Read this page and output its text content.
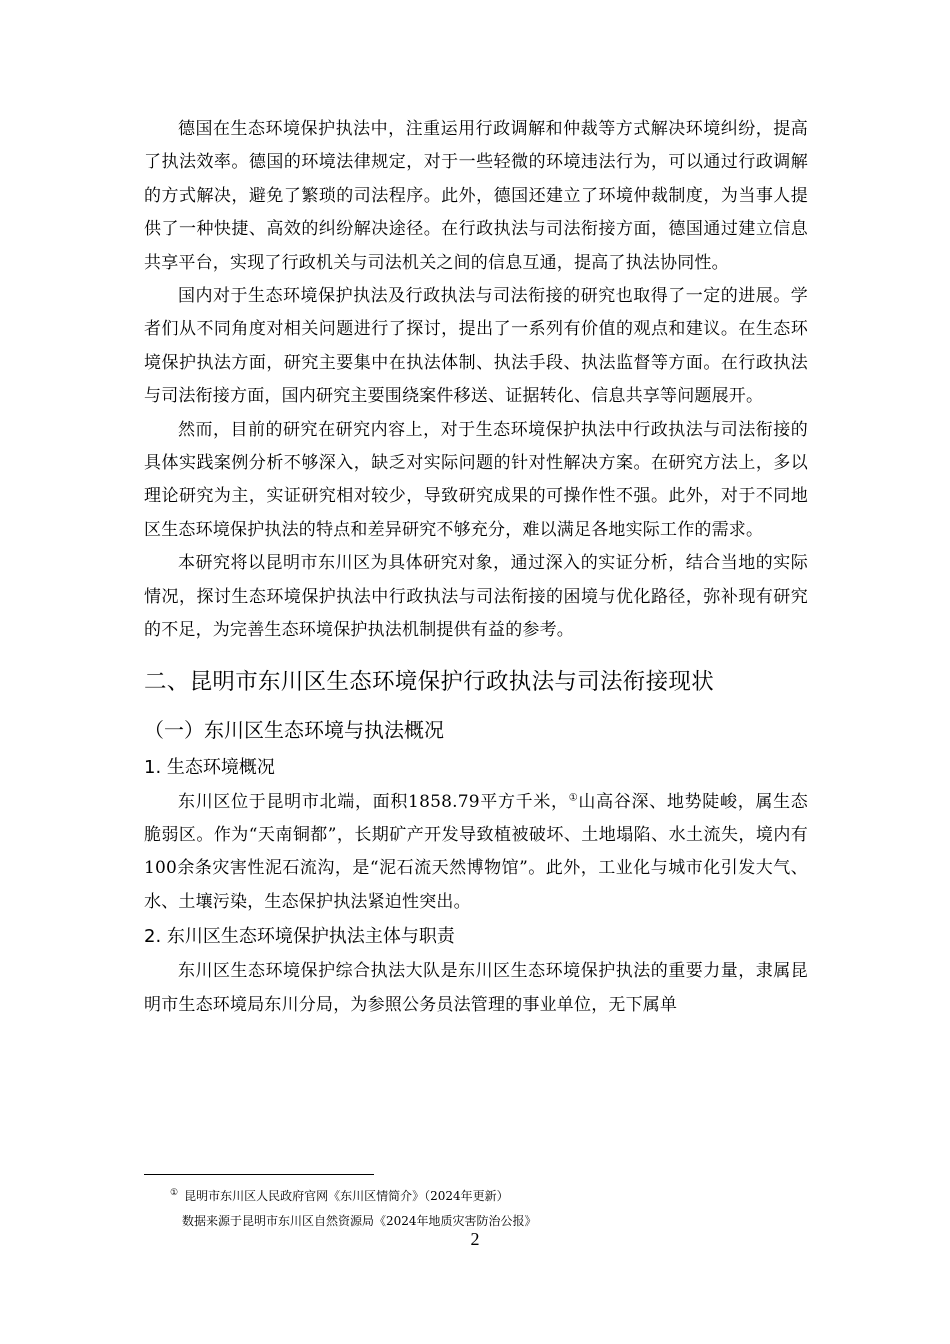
德国在生态环境保护执法中，注重运用行政调解和仲裁等方式解决环境纠纷，提高了执法效率。德国的环境法律规定，对于一些轻微的环境违法行为，可以通过行政调解的方式解决，避免了繁琐的司法程序。此外，德国还建立了环境仲裁制度，为当事人提供了一种快捷、高效的纠纷解决途径。在行政执法与司法衔接方面，德国通过建立信息共享平台，实现了行政机关与司法机关之间的信息互通，提高了执法协同性。

国内对于生态环境保护执法及行政执法与司法衔接的研究也取得了一定的进展。学者们从不同角度对相关问题进行了探讨，提出了一系列有价值的观点和建议。在生态环境保护执法方面，研究主要集中在执法体制、执法手段、执法监督等方面。在行政执法与司法衔接方面，国内研究主要围绕案件移送、证据转化、信息共享等问题展开。

然而，目前的研究在研究内容上，对于生态环境保护执法中行政执法与司法衔接的具体实践案例分析不够深入，缺乏对实际问题的针对性解决方案。在研究方法上，多以理论研究为主，实证研究相对较少，导致研究成果的可操作性不强。此外，对于不同地区生态环境保护执法的特点和差异研究不够充分，难以满足各地实际工作的需求。

本研究将以昆明市东川区为具体研究对象，通过深入的实证分析，结合当地的实际情况，探讨生态环境保护执法中行政执法与司法衔接的困境与优化路径，弥补现有研究的不足，为完善生态环境保护执法机制提供有益的参考。

二、昆明市东川区生态环境保护行政执法与司法衔接现状
（一）东川区生态环境与执法概况
1. 生态环境概况

东川区位于昆明市北端，面积1858.79平方千米，①山高谷深、地势陡峻，属生态脆弱区。作为“天南铜都”，长期矿产开发导致植被破坏、土地塌陷、水土流失，境内有100余条灾害性泥石流沟，是“泥石流天然博物馆”。此外，工业化与城市化引发大气、水、土壤污染，生态保护执法紧迫性突出。

2. 东川区生态环境保护执法主体与职责

东川区生态环境保护综合执法大队是东川区生态环境保护执法的重要力量，隶属昆明市生态环境局东川分局，为参照公务员法管理的事业单位，无下属单

① 昆明市东川区人民政府官网《东川区情简介》（2024年更新）
数据来源于昆明市东川区自然资源局《2024年地质灾害防治公报》
2
